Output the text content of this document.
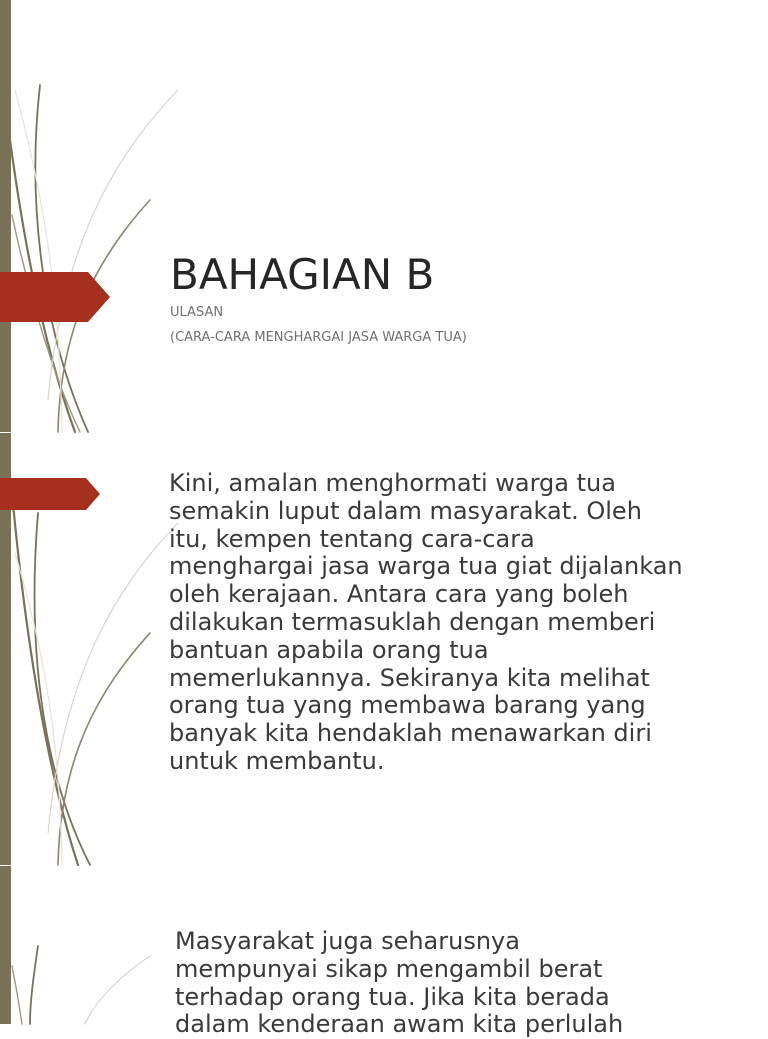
BAHAGIAN B

ULASAN

(CARA-CARA MENGHARGAI JASA WARGA TUA)

Kini, amalan menghormati warga tua
semakin luput dalam masyarakat. Oleh
itu, kempen tentang cara-cara
menghargai jasa warga tua giat dijalankan
oleh kerajaan. Antara cara yang boleh
dilakukan termasuklah dengan memberi
bantuan apabila orang tua
memerlukannya. Sekiranya kita melihat
orang tua yang membawa barang yang
banyak kita hendaklah menawarkan diri
untuk membantu.

Masyarakat juga seharusnya
mempunyai sikap mengambil berat
terhadap orang tua. Jika kita berada
dalam kenderaan awam kita perlulah
